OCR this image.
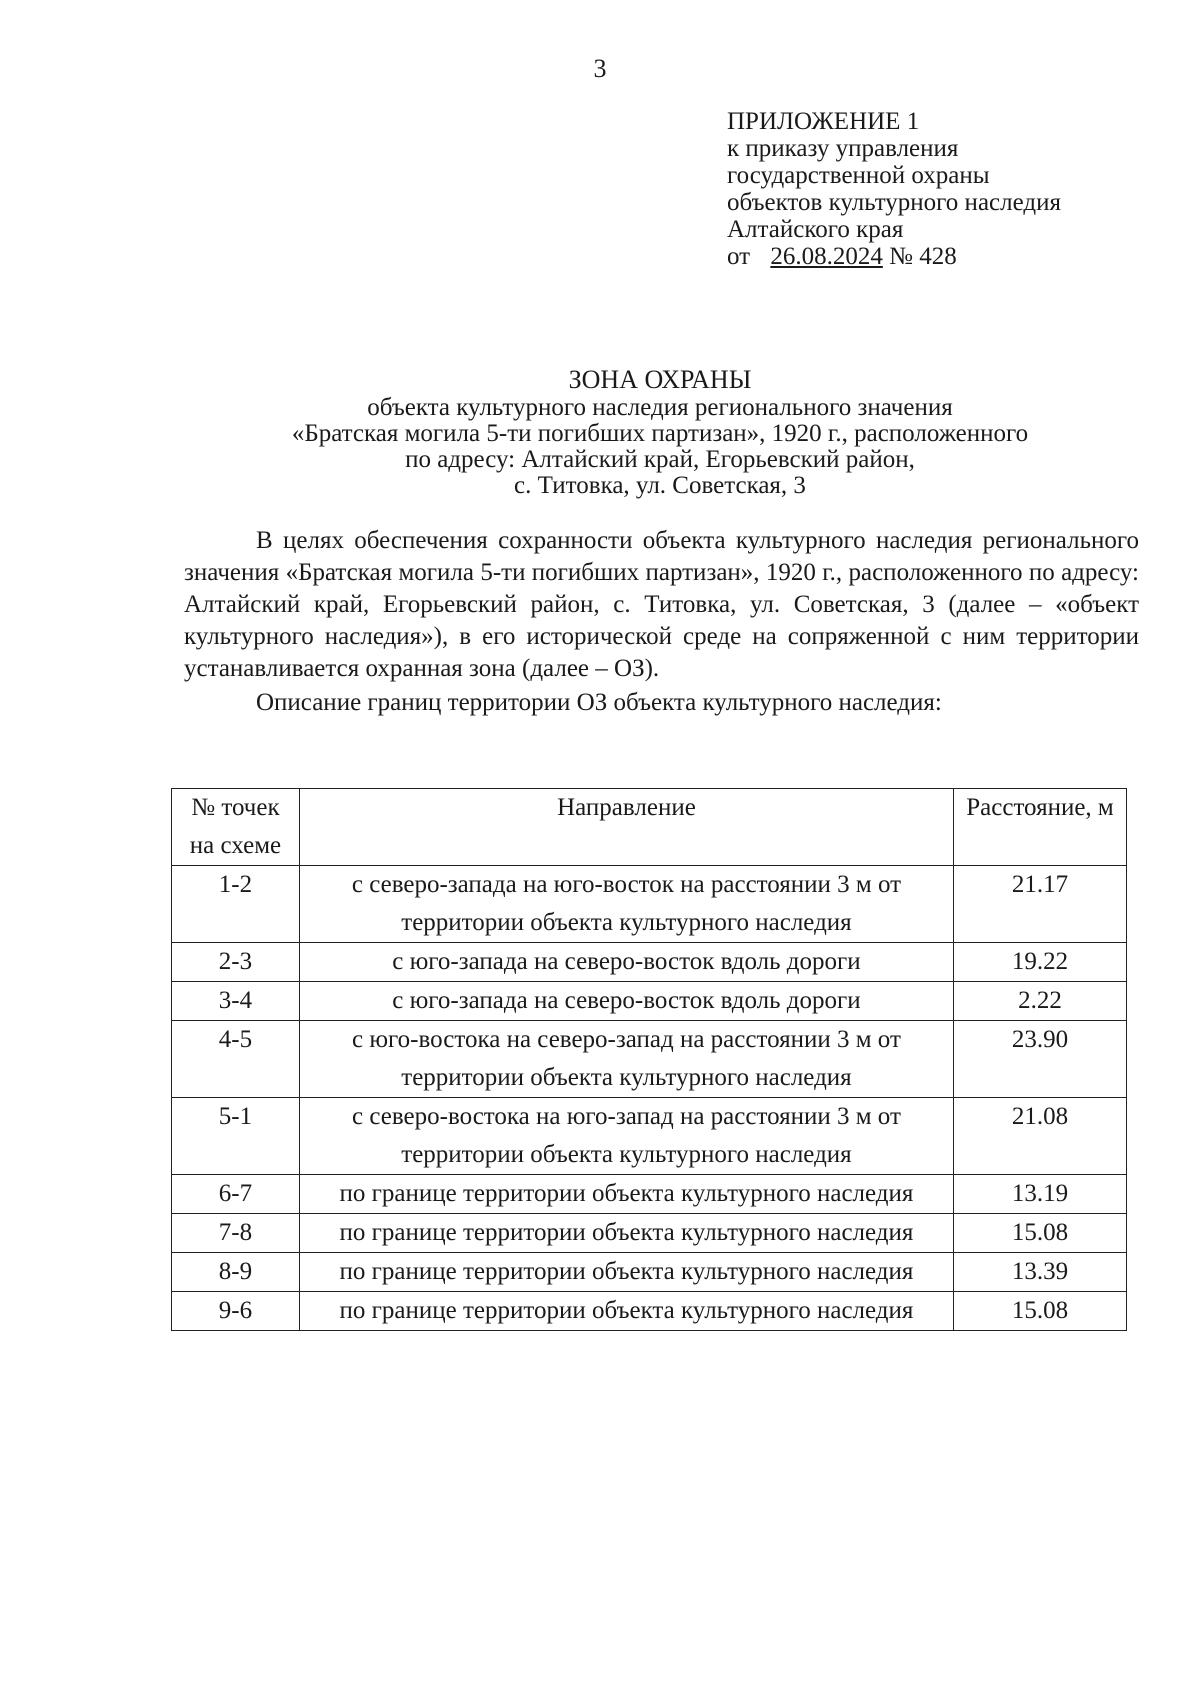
3
ПРИЛОЖЕНИЕ 1
к приказу управления
государственной охраны
объектов культурного наследия
Алтайского края
от 26.08.2024 № 428
ЗОНА ОХРАНЫ
объекта культурного наследия регионального значения
«Братская могила 5-ти погибших партизан», 1920 г., расположенного
по адресу: Алтайский край, Егорьевский район,
с. Титовка, ул. Советская, 3

В целях обеспечения сохранности объекта культурного наследия регионального значения «Братская могила 5-ти погибших партизан», 1920 г., расположенного по адресу: Алтайский край, Егорьевский район, с. Титовка, ул. Советская, 3 (далее – «объект культурного наследия»), в его исторической среде на сопряженной с ним территории устанавливается охранная зона (далее – ОЗ).

Описание границ территории ОЗ объекта культурного наследия:

№ точек на схеме	Направление	Расстояние, м
1-2	с северо-запада на юго-восток на расстоянии 3 м от территории объекта культурного наследия	21.17
2-3	с юго-запада на северо-восток вдоль дороги	19.22
3-4	с юго-запада на северо-восток вдоль дороги	2.22
4-5	с юго-востока на северо-запад на расстоянии 3 м от территории объекта культурного наследия	23.90
5-1	с северо-востока на юго-запад на расстоянии 3 м от территории объекта культурного наследия	21.08
6-7	по границе территории объекта культурного наследия	13.19
7-8	по границе территории объекта культурного наследия	15.08
8-9	по границе территории объекта культурного наследия	13.39
9-6	по границе территории объекта культурного наследия	15.08
